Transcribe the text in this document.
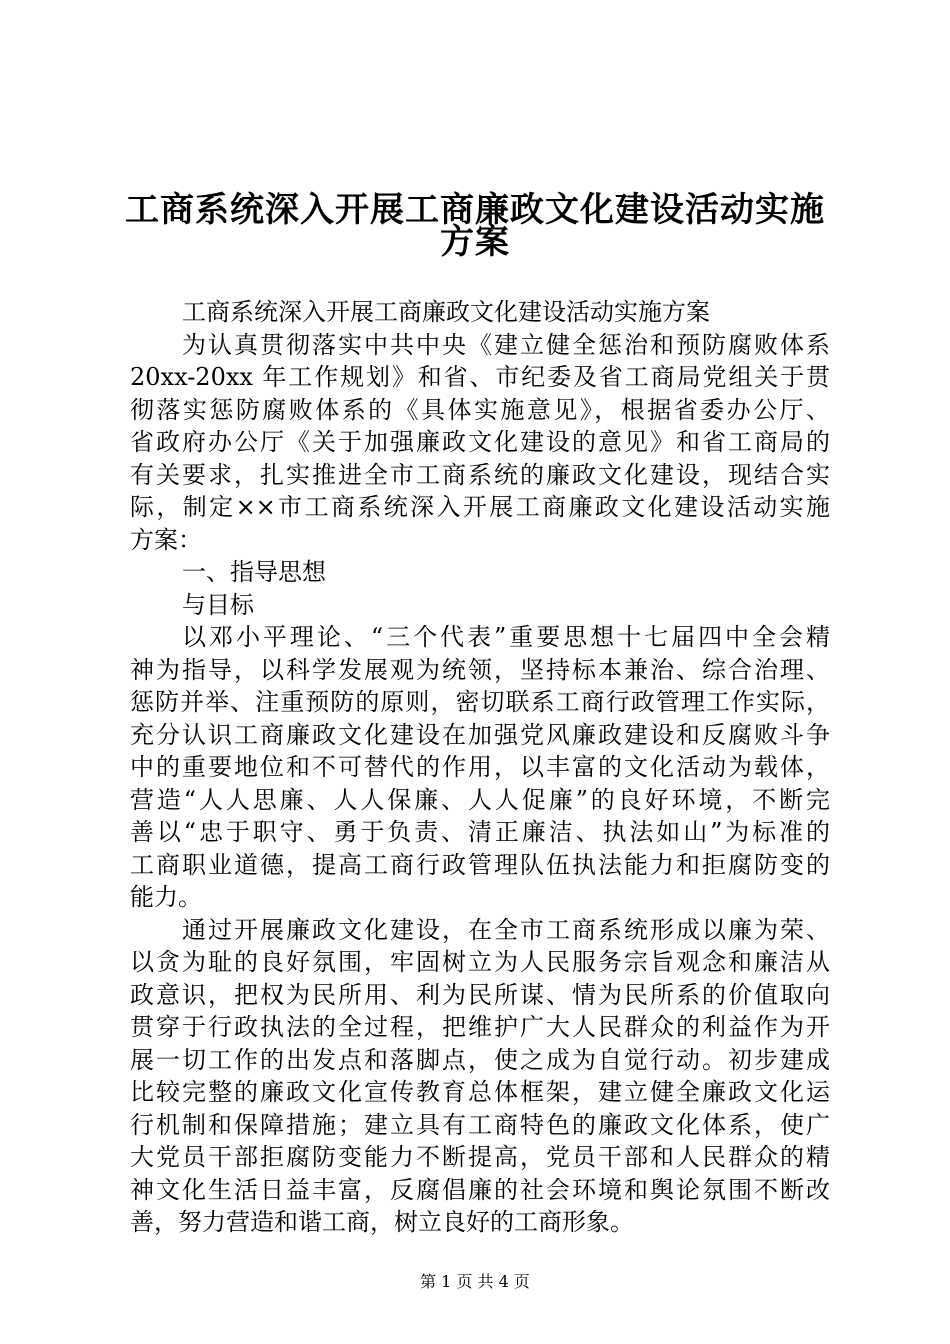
工商系统深入开展工商廉政文化建设活动实施
方案
工商系统深入开展工商廉政文化建设活动实施方案
为认真贯彻落实中共中央《建立健全惩治和预防腐败体系
20xx-20xx 年工作规划》和省、市纪委及省工商局党组关于贯
彻落实惩防腐败体系的《具体实施意见》，根据省委办公厅、
省政府办公厅《关于加强廉政文化建设的意见》和省工商局的
有关要求，扎实推进全市工商系统的廉政文化建设，现结合实
际，制定××市工商系统深入开展工商廉政文化建设活动实施
方案：
一、指导思想
与目标
以邓小平理论、“三个代表”重要思想十七届四中全会精
神为指导，以科学发展观为统领，坚持标本兼治、综合治理、
惩防并举、注重预防的原则，密切联系工商行政管理工作实际，
充分认识工商廉政文化建设在加强党风廉政建设和反腐败斗争
中的重要地位和不可替代的作用，以丰富的文化活动为载体，
营造“人人思廉、人人保廉、人人促廉”的良好环境，不断完
善以“忠于职守、勇于负责、清正廉洁、执法如山”为标准的
工商职业道德，提高工商行政管理队伍执法能力和拒腐防变的
能力。
通过开展廉政文化建设，在全市工商系统形成以廉为荣、
以贪为耻的良好氛围，牢固树立为人民服务宗旨观念和廉洁从
政意识，把权为民所用、利为民所谋、情为民所系的价值取向
贯穿于行政执法的全过程，把维护广大人民群众的利益作为开
展一切工作的出发点和落脚点，使之成为自觉行动。初步建成
比较完整的廉政文化宣传教育总体框架，建立健全廉政文化运
行机制和保障措施；建立具有工商特色的廉政文化体系，使广
大党员干部拒腐防变能力不断提高，党员干部和人民群众的精
神文化生活日益丰富，反腐倡廉的社会环境和舆论氛围不断改
善，努力营造和谐工商，树立良好的工商形象。
第 1 页 共 4 页
